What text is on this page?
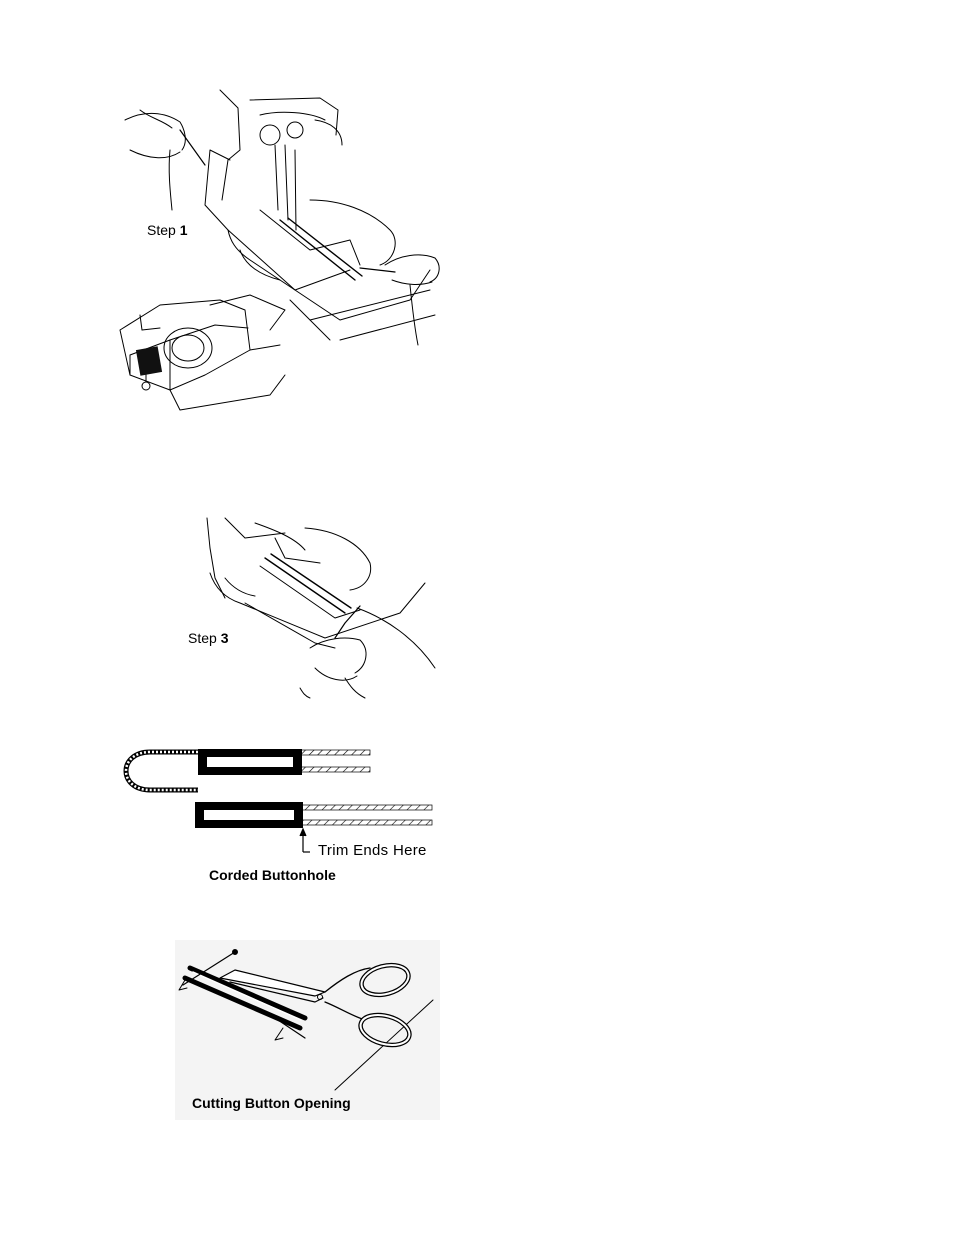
Step 1
Step 3
Trim Ends Here
Corded Buttonhole
Cutting Button Opening
